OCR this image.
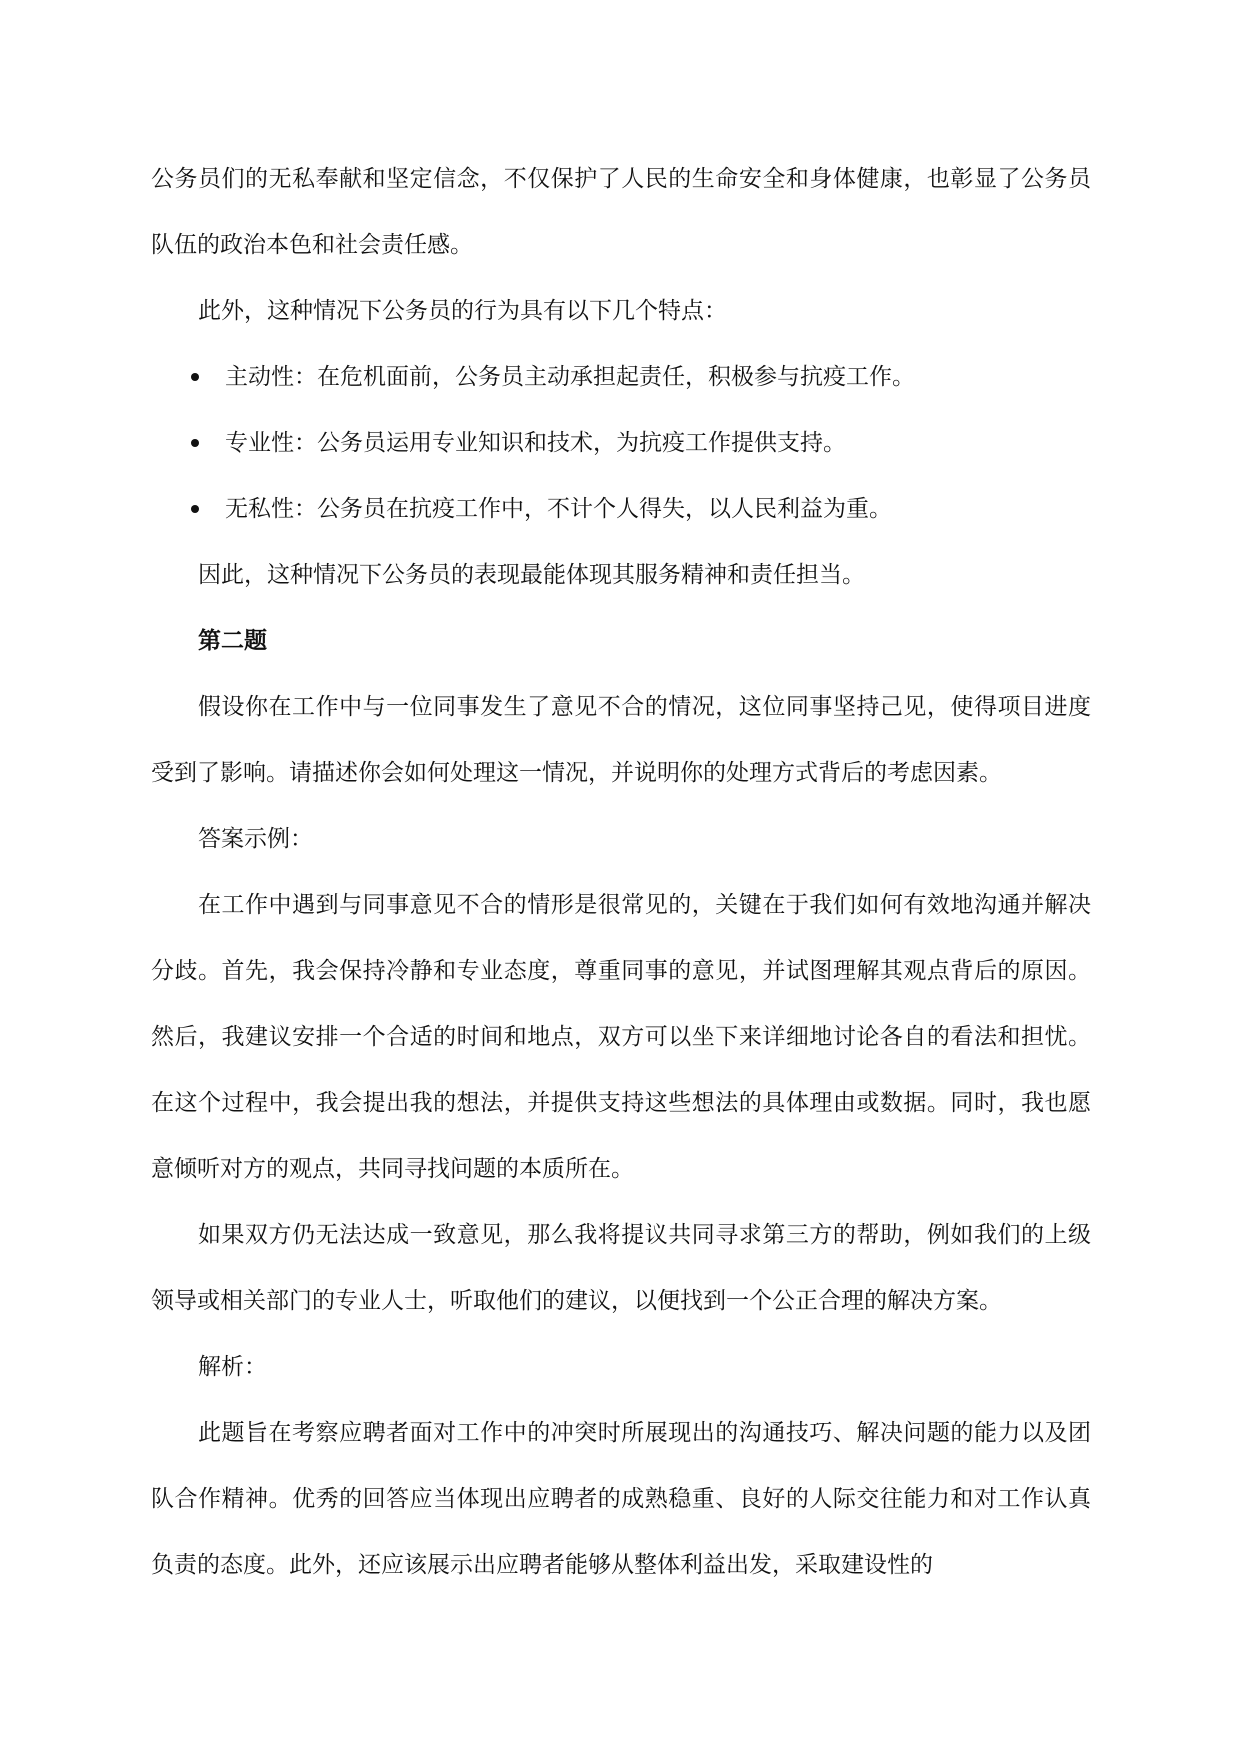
公务员们的无私奉献和坚定信念，不仅保护了人民的生命安全和身体健康，也彰显了公务员队伍的政治本色和社会责任感。

此外，这种情况下公务员的行为具有以下几个特点：

主动性：在危机面前，公务员主动承担起责任，积极参与抗疫工作。
专业性：公务员运用专业知识和技术，为抗疫工作提供支持。
无私性：公务员在抗疫工作中，不计个人得失，以人民利益为重。

因此，这种情况下公务员的表现最能体现其服务精神和责任担当。

第二题

假设你在工作中与一位同事发生了意见不合的情况，这位同事坚持己见，使得项目进度受到了影响。请描述你会如何处理这一情况，并说明你的处理方式背后的考虑因素。

答案示例：

在工作中遇到与同事意见不合的情形是很常见的，关键在于我们如何有效地沟通并解决分歧。首先，我会保持冷静和专业态度，尊重同事的意见，并试图理解其观点背后的原因。然后，我建议安排一个合适的时间和地点，双方可以坐下来详细地讨论各自的看法和担忧。在这个过程中，我会提出我的想法，并提供支持这些想法的具体理由或数据。同时，我也愿意倾听对方的观点，共同寻找问题的本质所在。

如果双方仍无法达成一致意见，那么我将提议共同寻求第三方的帮助，例如我们的上级领导或相关部门的专业人士，听取他们的建议，以便找到一个公正合理的解决方案。

解析：

此题旨在考察应聘者面对工作中的冲突时所展现出的沟通技巧、解决问题的能力以及团队合作精神。优秀的回答应当体现出应聘者的成熟稳重、良好的人际交往能力和对工作认真负责的态度。此外，还应该展示出应聘者能够从整体利益出发，采取建设性的
